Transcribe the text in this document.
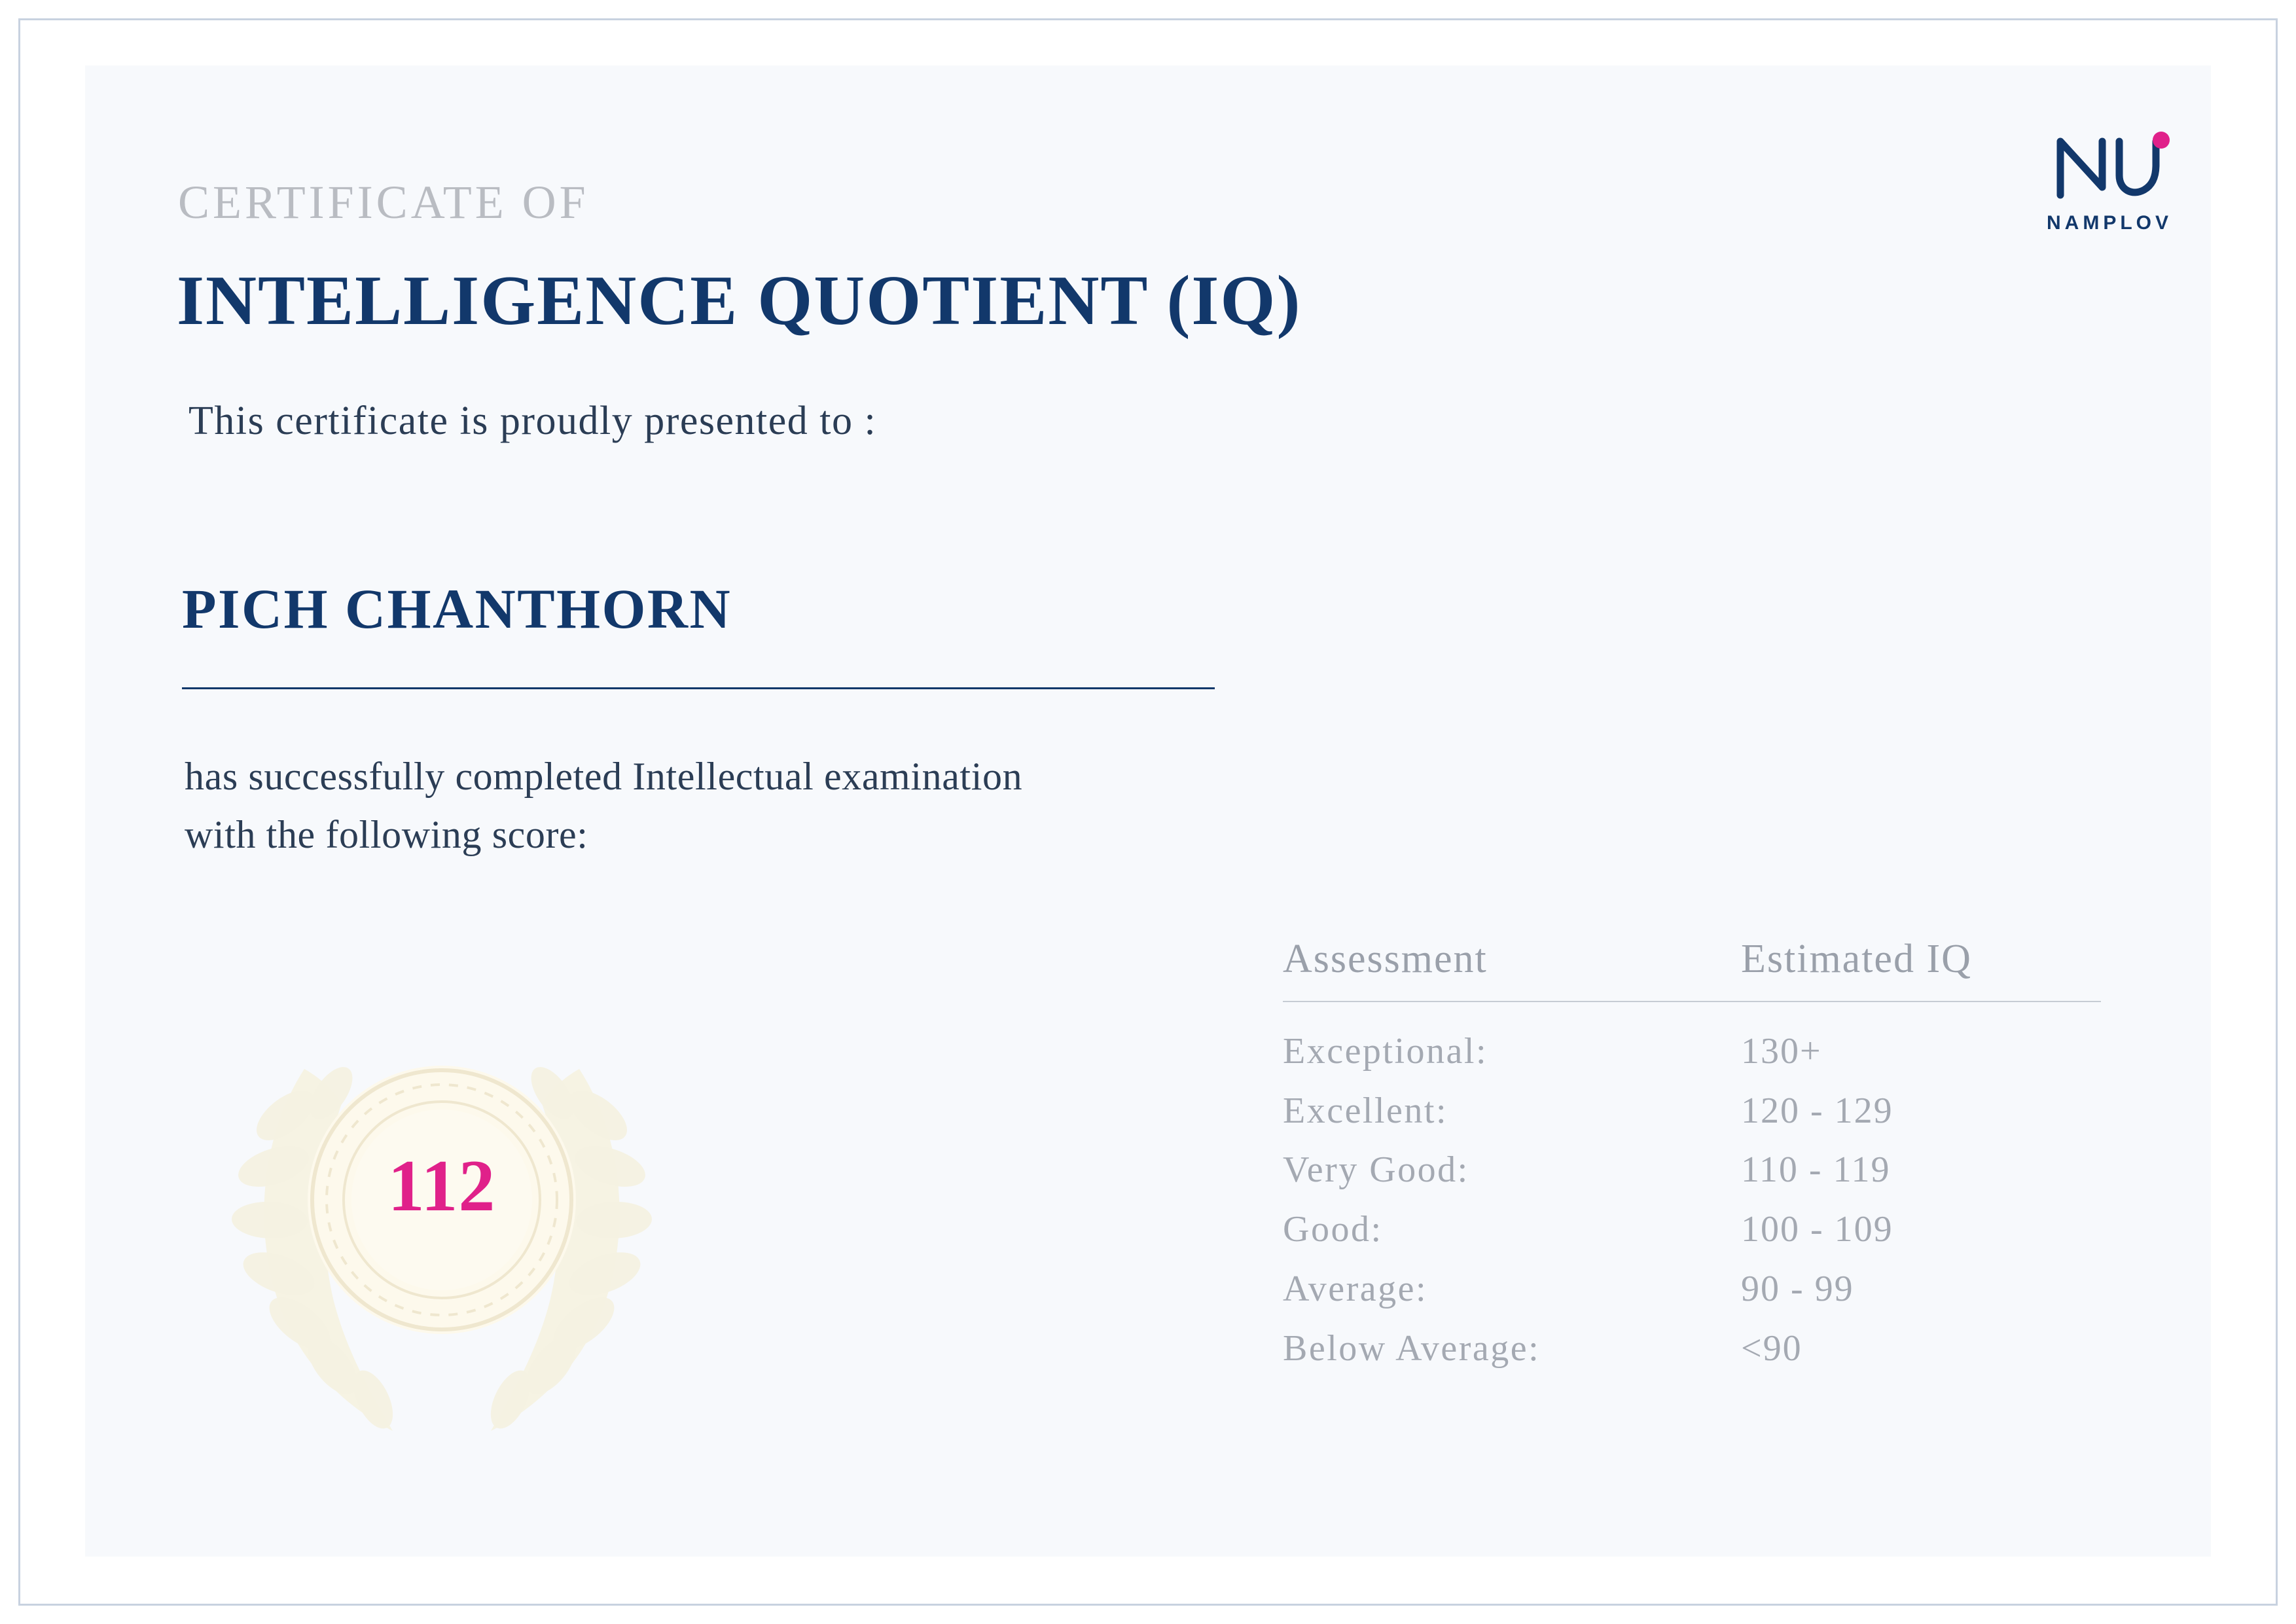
CERTIFICATE OF
INTELLIGENCE QUOTIENT (IQ)
This certificate is proudly presented to :
PICH CHANTHORN
has successfully completed Intellectual examination
with the following score:
112
Assessment	Estimated IQ
Exceptional:	130+
Excellent:	120 - 129
Very Good:	110 - 119
Good:	100 - 109
Average:	90 - 99
Below Average:	<90
NAMPLOV
